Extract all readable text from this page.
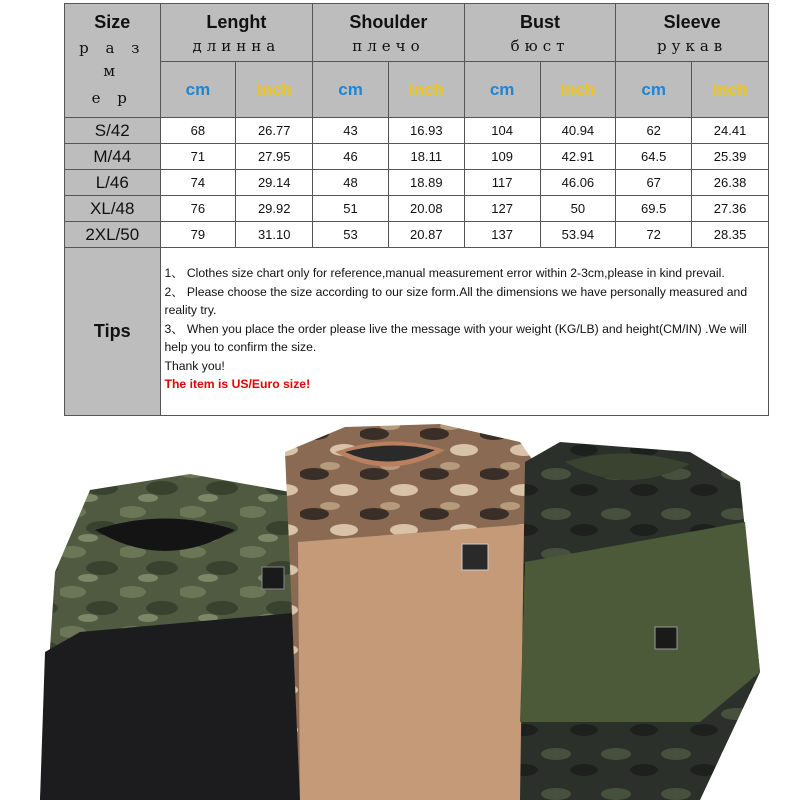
Size
р а з м
е р	Lenght
длинна		Shoulder
плечо		Bust
бюст		Sleeve
рукав	

	cm	inch	cm	inch	cm	inch	cm	inch
S/42	68	26.77	43	16.93	104	40.94	62	24.41
M/44	71	27.95	46	18.11	109	42.91	64.5	25.39
L/46	74	29.14	48	18.89	117	46.06	67	26.38
XL/48	76	29.92	51	20.08	127	50	69.5	27.36
2XL/50	79	31.10	53	20.87	137	53.94	72	28.35
Tips	1、 Clothes size chart only for reference,manual measurement error within 2-3cm,please in kind prevail.

2、 Please choose the size according to our size form.All the dimensions we have personally measured and reality try.

3、 When you place the order please live the message with your weight (KG/LB) and height(CM/IN) .We will help you to confirm the size.

Thank you!

The item is US/Euro size!							
